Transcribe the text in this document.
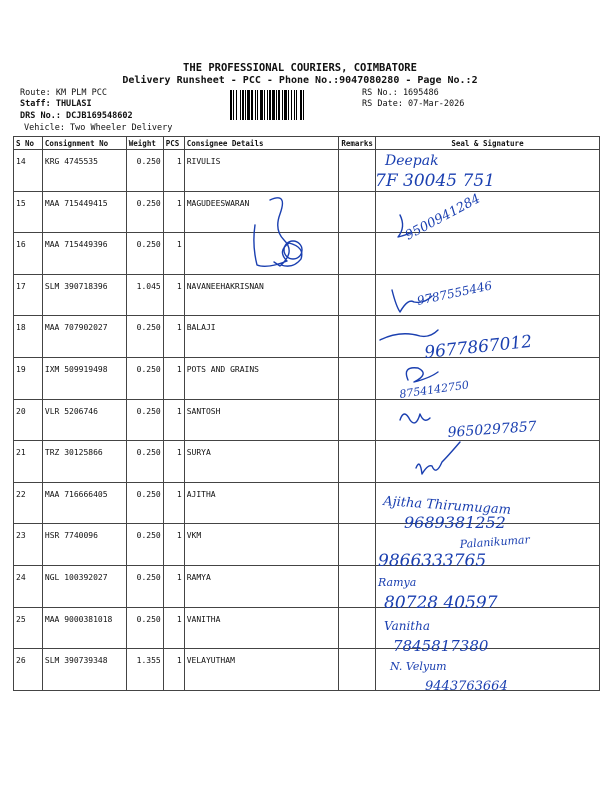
THE PROFESSIONAL COURIERS, COIMBATORE
Delivery Runsheet - PCC - Phone No.:9047080280 - Page No.:2
Route: KM PLM PCC
Staff: THULASI
DRS No.: DCJB169548602
Vehicle: Two Wheeler Delivery
RS No.: 1695486
RS Date: 07-Mar-2026
S No	Consignment No	Weight	PCS	Consignee Details	Remarks	Seal & Signature
14	KRG 4745535	0.250	1	RIVULIS		
15	MAA 715449415	0.250	1	MAGUDEESWARAN		
16	MAA 715449396	0.250	1			
17	SLM 390718396	1.045	1	NAVANEEHAKRISNAN		
18	MAA 707902027	0.250	1	BALAJI		
19	IXM 509919498	0.250	1	POTS AND GRAINS		
20	VLR 5206746	0.250	1	SANTOSH		
21	TRZ 30125866	0.250	1	SURYA		
22	MAA 716666405	0.250	1	AJITHA		
23	HSR 7740096	0.250	1	VKM		
24	NGL 100392027	0.250	1	RAMYA		
25	MAA 9000381018	0.250	1	VANITHA		
26	SLM 390739348	1.355	1	VELAYUTHAM		
Deepak
7F 30045 751
9500941284
9787555446
9677867012
8754142750
9650297857
Ajitha Thirumugam
9689381252
Palanikumar
9866333765
Ramya
80728 40597
Vanitha
7845817380
N. Velyum
9443763664
